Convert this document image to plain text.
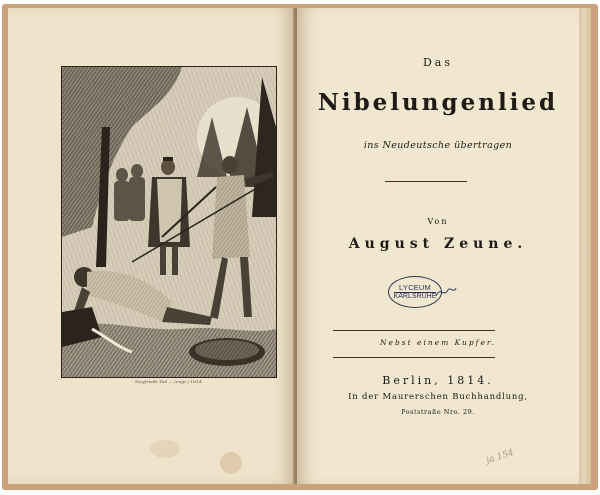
Siegfrieds Tod — (engr.) 1814.
Das
Nibelungenlied
ins Neudeutsche übertragen
Von
August Zeune.
LYCEUM
KARLSRUHE
Nebst einem Kupfer.
Berlin, 1814.
In der Maurerschen Buchhandlung,
Poststraße Nro. 29.
ja 154
